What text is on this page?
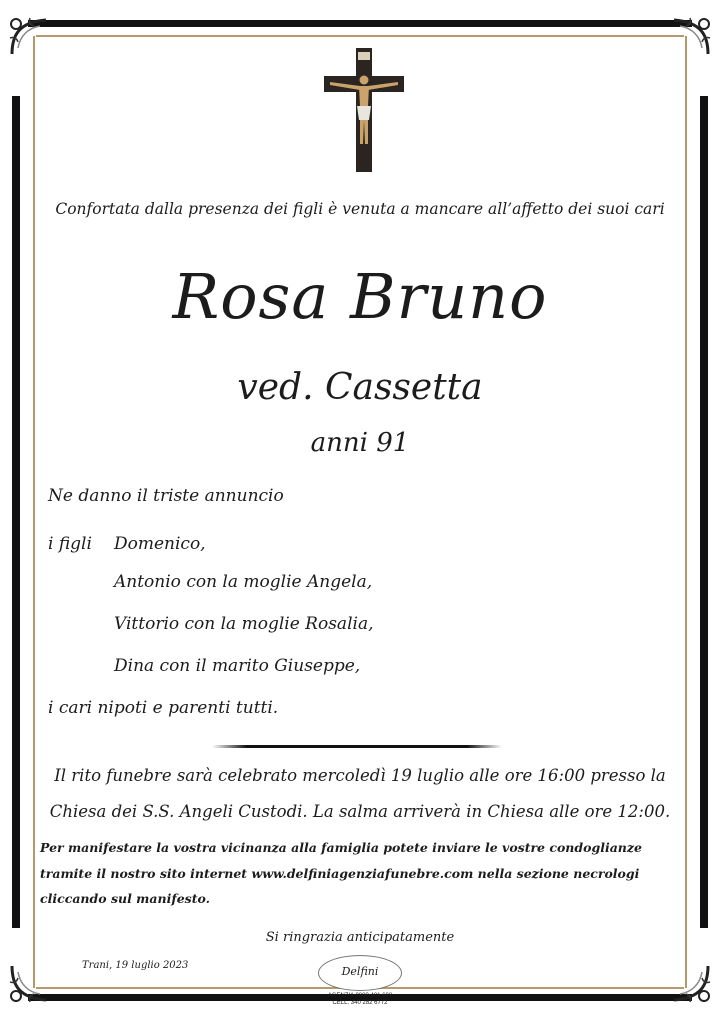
Confortata dalla presenza dei figli è venuta a mancare all’affetto dei suoi cari
Rosa Bruno
ved. Cassetta
anni 91
Ne danno il triste annuncio
i figli Domenico,
Antonio con la moglie Angela,
Vittorio con la moglie Rosalia,
Dina con il marito Giuseppe,
i cari nipoti e parenti tutti.
Il rito funebre sarà celebrato mercoledì 19 luglio alle ore 16:00 presso la
Chiesa dei S.S. Angeli Custodi. La salma arriverà in Chiesa alle ore 12:00.
Per manifestare la vostra vicinanza alla famiglia potete inviare le vostre condoglianze
tramite il nostro sito internet www.delfiniagenziafunebre.com nella sezione necrologi
cliccando sul manifesto.
Si ringrazia anticipatamente
Trani, 19 luglio 2023	Delfini
AGENZIA 0883 481 608
CELL. 340 282 6772
